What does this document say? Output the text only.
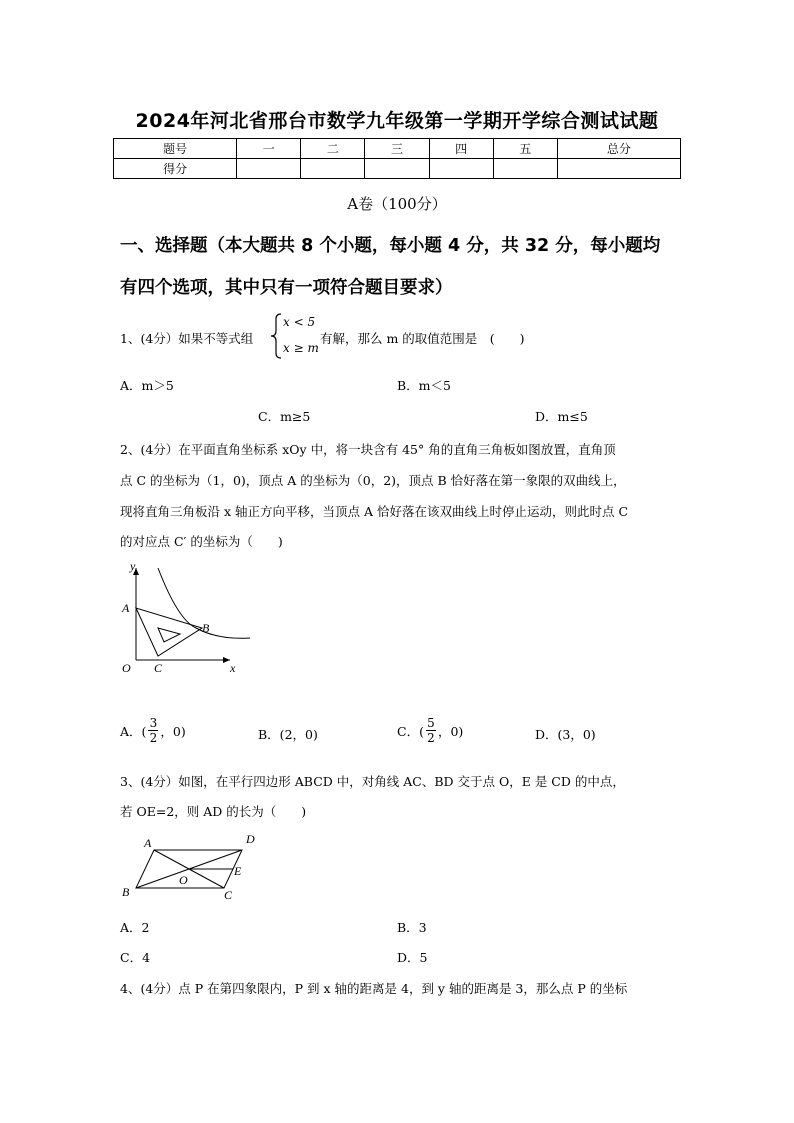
2024年河北省邢台市数学九年级第一学期开学综合测试试题
题号	一	二	三	四	五	总分
得分						
A卷（100分）
一、选择题（本大题共 8 个小题，每小题 4 分，共 32 分，每小题均
有四个选项，其中只有一项符合题目要求）
1、(4分）如果不等式组
x < 5
x ≥ m
有解，那么 m 的取值范围是　(　　)
A．m＞5	B．m＜5
C．m≥5	D．m≤5
2、(4分）在平面直角坐标系 xOy 中，将一块含有 45° 角的直角三角板如图放置，直角顶
点 C 的坐标为（1，0)，顶点 A 的坐标为（0，2)，顶点 B 恰好落在第一象限的双曲线上，
现将直角三角板沿 x 轴正方向平移，当顶点 A 恰好落在该双曲线上时停止运动，则此时点 C
的对应点 C′ 的坐标为（　　)
y
x
O
A
B
C
A．( $\frac{3}{2}$ ，0)	B．(2，0)	C．( $\frac{5}{2}$ ，0)	D．(3，0)
3、(4分）如图，在平行四边形 ABCD 中，对角线 AC、BD 交于点 O，E 是 CD 的中点，
若 OE=2，则 AD 的长为（　　)
A	D
B	C
E
O
A．2	B．3
C．4	D．5
4、(4分）点 P 在第四象限内，P 到 x 轴的距离是 4，到 y 轴的距离是 3，那么点 P 的坐标
